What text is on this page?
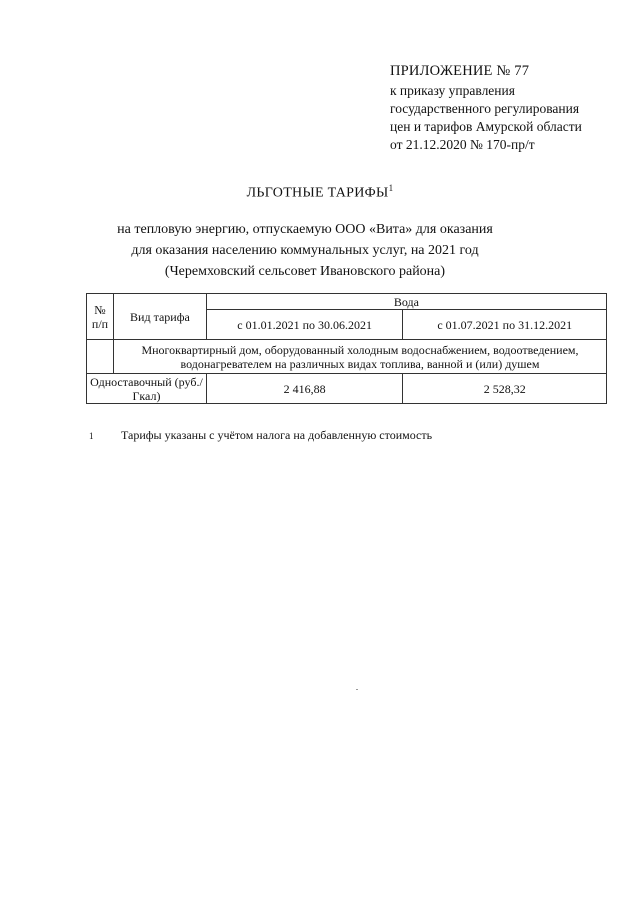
ПРИЛОЖЕНИЕ № 77
к приказу управления
государственного регулирования
цен и тарифов Амурской области
от 21.12.2020 № 170-пр/т
ЛЬГОТНЫЕ ТАРИФЫ$^1$
на тепловую энергию, отпускаемую ООО «Вита» для оказания
для оказания населению коммунальных услуг, на 2021 год
(Черемховский сельсовет Ивановского района)
№ п/п	Вид тарифа	Вода	
		с 01.01.2021 по 30.06.2021	с 01.07.2021 по 31.12.2021
	Многоквартирный дом, оборудованный холодным водоснабжением, водоотведением, водонагревателем на различных видах топлива, ванной и (или) душем		
Одноставочный (руб./Гкал)		2 416,88	2 528,32
1 Тарифы указаны с учётом налога на добавленную стоимость
